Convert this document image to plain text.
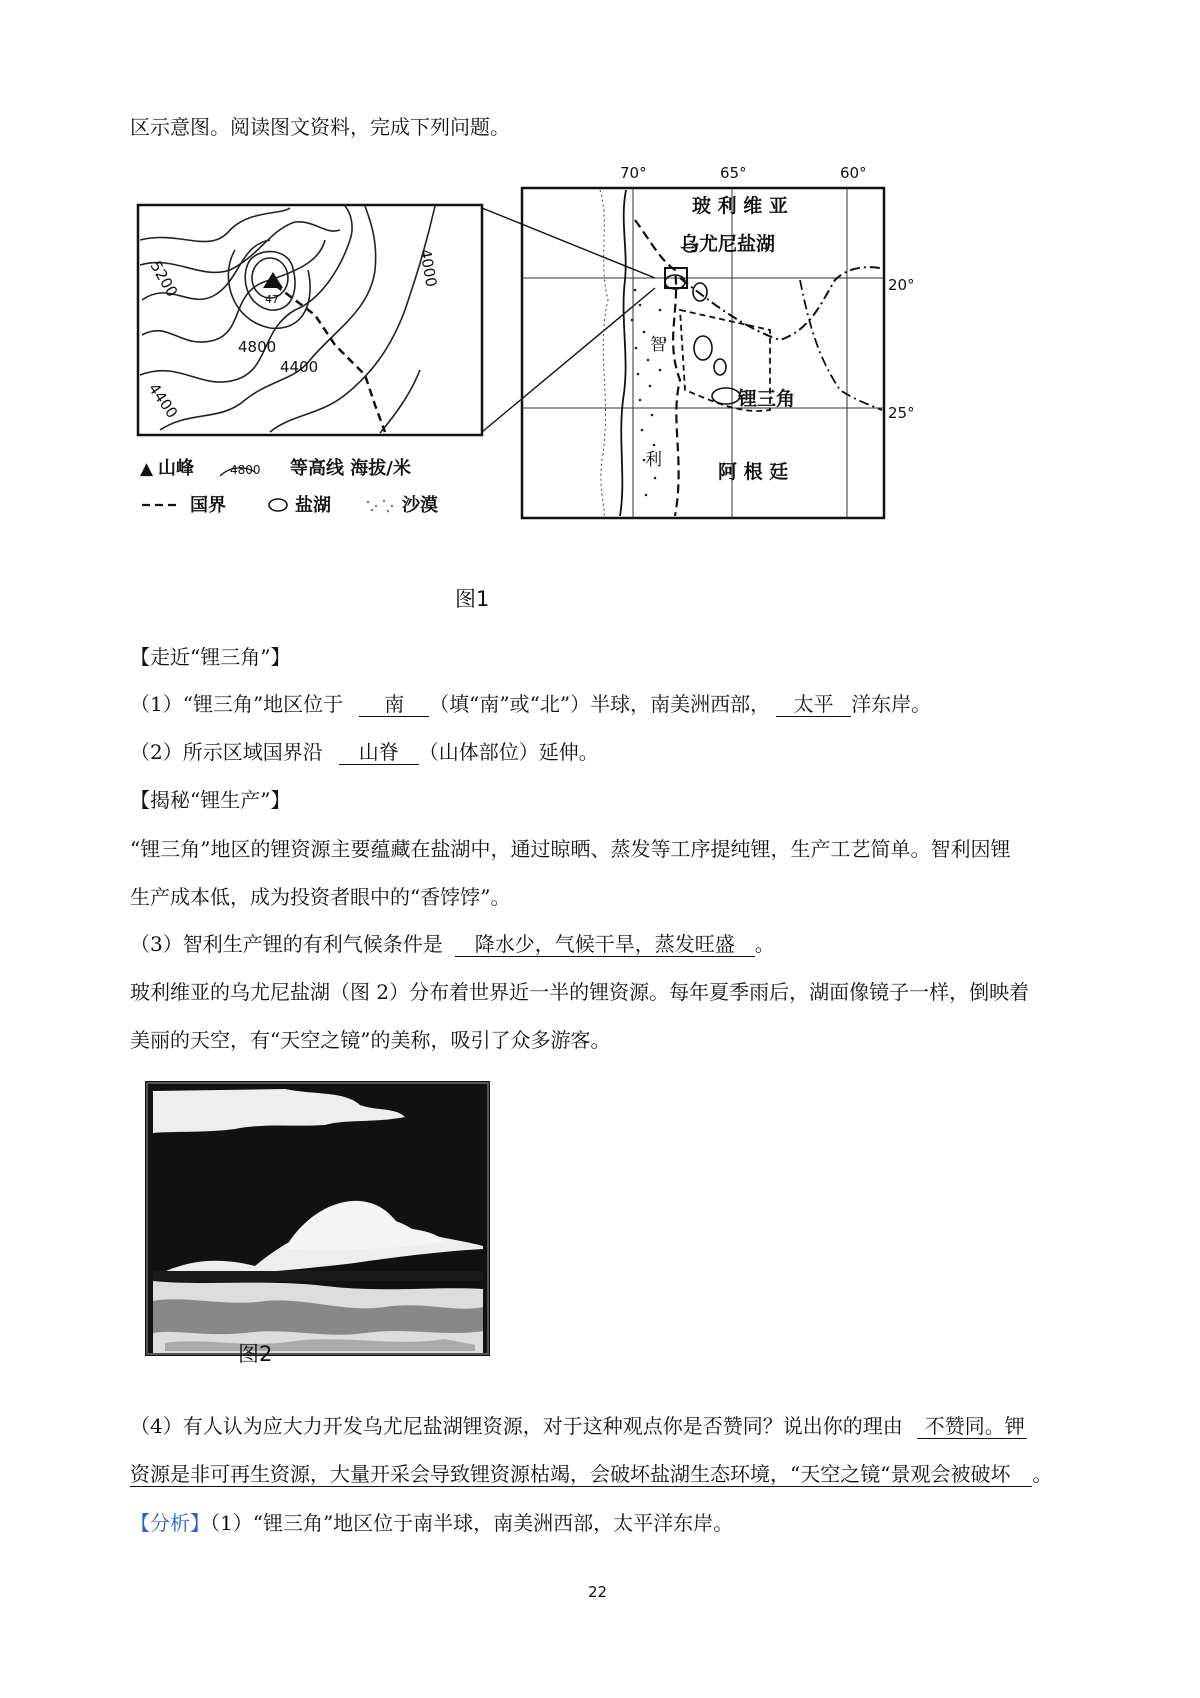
区示意图。阅读图文资料，完成下列问题。
5200
4800
4400
4000
4400
47
70°	65°	60°
20°
25°
玻 利 维 亚
乌尤尼盐湖
锂三角
智
利
阿 根 廷
▲ 山峰	4800 等高线 海拔/米
国界	盐湖	沙漠
图1
【走近“锂三角”】
（1）“锂三角”地区位于 南 （填“南”或“北”）半球，南美洲西部， 太平 洋东岸。
（2）所示区域国界沿 山脊 （山体部位）延伸。
【揭秘“锂生产”】
“锂三角”地区的锂资源主要蕴藏在盐湖中，通过晾晒、蒸发等工序提纯锂，生产工艺简单。智利因锂
生产成本低，成为投资者眼中的“香饽饽”。
（3）智利生产锂的有利气候条件是 降水少，气候干旱，蒸发旺盛 。
玻利维亚的乌尤尼盐湖（图 2）分布着世界近一半的锂资源。每年夏季雨后，湖面像镜子一样，倒映着
美丽的天空，有“天空之镜”的美称，吸引了众多游客。
图2
（4）有人认为应大力开发乌尤尼盐湖锂资源，对于这种观点你是否赞同？说出你的理由 不赞同。钾
资源是非可再生资源，大量开采会导致锂资源枯竭，会破坏盐湖生态环境，“天空之镜“景观会被破坏 。
【分析】（1）“锂三角”地区位于南半球，南美洲西部，太平洋东岸。
22
